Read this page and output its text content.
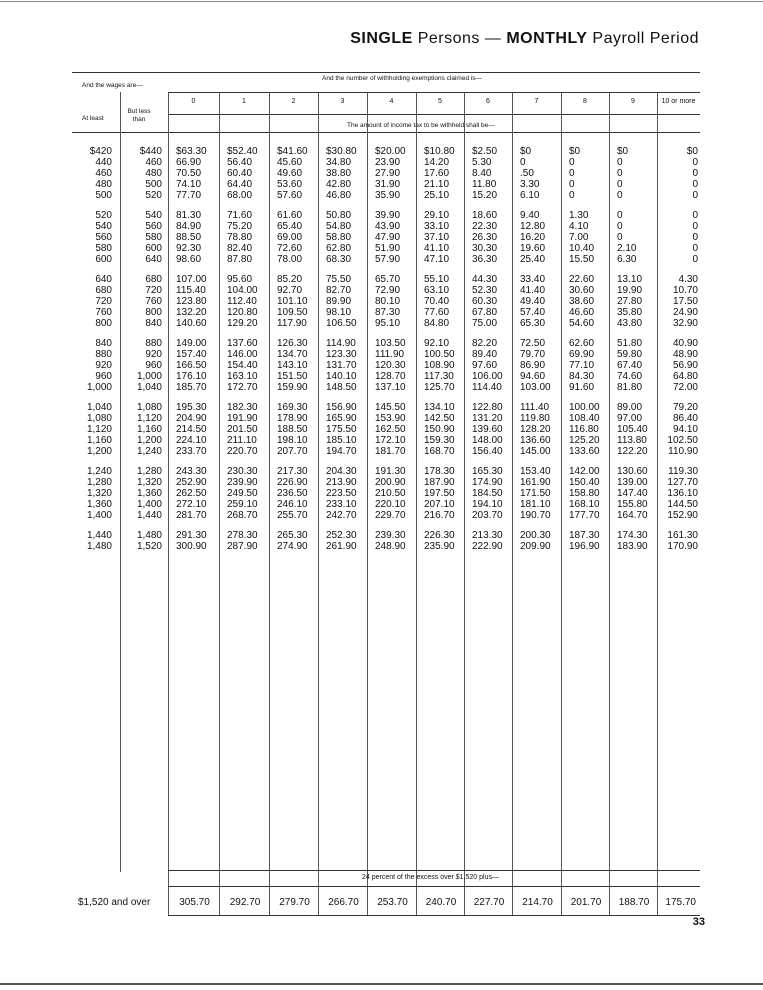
SINGLE Persons — MONTHLY Payroll Period
And the wages are—
And the number of withholding exemptions claimed is—
At least
But less than
The amount of income tax to be withheld shall be—
0	1	2	3	4	5	6	7	8	9	10 or more
$420	$440 $63.30	$52.40	$41.60	$30.80	$20.00	$10.80	$2.50	$0	$0	$0	$0
440	460 66.90	56.40	45.60	34.80	23.90	14.20	5.30	0	0	0	0
460	480 70.50	60.40	49.60	38.80	27.90	17.60	8.40	.50	0	0	0
480	500 74.10	64.40	53.60	42.80	31.90	21.10	11.80	3.30	0	0	0
500	520 77.70	68.00	57.60	46.80	35.90	25.10	15.20	6.10	0	0	0
520	540 81.30	71.60	61.60	50.80	39.90	29.10	18.60	9.40	1.30	0	0
540	560 84.90	75.20	65.40	54.80	43.90	33.10	22.30	12.80	4.10	0	0
560	580 88.50	78.80	69.00	58.80	47.90	37.10	26.30	16.20	7.00	0	0
580	600 92.30	82.40	72.60	62.80	51.90	41.10	30.30	19.60	10.40	2.10	0
600	640 98.60	87.80	78.00	68.30	57.90	47.10	36.30	25.40	15.50	6.30	0
640	680 107.00	95.60	85.20	75.50	65.70	55.10	44.30	33.40	22.60	13.10	4.30
680	720 115.40	104.00	92.70	82.70	72.90	63.10	52.30	41.40	30.60	19.90	10.70
720	760 123.80	112.40	101.10	89.90	80.10	70.40	60.30	49.40	38.60	27.80	17.50
760	800 132.20	120.80	109.50	98.10	87.30	77.60	67.80	57.40	46.60	35.80	24.90
800	840 140.60	129.20	117.90	106.50	95.10	84.80	75.00	65.30	54.60	43.80	32.90
840	880 149.00	137.60	126.30	114.90	103.50	92.10	82.20	72.50	62.60	51.80	40.90
880	920 157.40	146.00	134.70	123.30	111.90	100.50	89.40	79.70	69.90	59.80	48.90
920	960 166.50	154.40	143.10	131.70	120.30	108.90	97.60	86.90	77.10	67.40	56.90
960	1,000 176.10	163.10	151.50	140.10	128.70	117.30	106.00	94.60	84.30	74.60	64.80
1,000	1,040 185.70	172.70	159.90	148.50	137.10	125.70	114.40	103.00	91.60	81.80	72.00
1,040	1,080 195.30	182.30	169.30	156.90	145.50	134.10	122.80	111.40	100.00	89.00	79.20
1,080	1,120 204.90	191.90	178.90	165.90	153.90	142.50	131.20	119.80	108.40	97.00	86.40
1,120	1,160 214.50	201.50	188.50	175.50	162.50	150.90	139.60	128.20	116.80	105.40	94.10
1,160	1,200 224.10	211.10	198.10	185.10	172.10	159.30	148.00	136.60	125.20	113.80	102.50
1,200	1,240 233.70	220.70	207.70	194.70	181.70	168.70	156.40	145.00	133.60	122.20	110.90
1,240	1,280 243.30	230.30	217.30	204.30	191.30	178.30	165.30	153.40	142.00	130.60	119.30
1,280	1,320 252.90	239.90	226.90	213.90	200.90	187.90	174.90	161.90	150.40	139.00	127.70
1,320	1,360 262.50	249.50	236.50	223.50	210.50	197.50	184.50	171.50	158.80	147.40	136.10
1,360	1,400 272.10	259.10	246.10	233.10	220.10	207.10	194.10	181.10	168.10	155.80	144.50
1,400	1,440 281.70	268.70	255.70	242.70	229.70	216.70	203.70	190.70	177.70	164.70	152.90
1,440	1,480 291.30	278.30	265.30	252.30	239.30	226.30	213.30	200.30	187.30	174.30	161.30
1,480	1,520 300.90	287.90	274.90	261.90	248.90	235.90	222.90	209.90	196.90	183.90	170.90
24 percent of the excess over $1,520 plus—
$1,520 and over	305.70	292.70	279.70	266.70	253.70	240.70	227.70	214.70	201.70	188.70	175.70
33
